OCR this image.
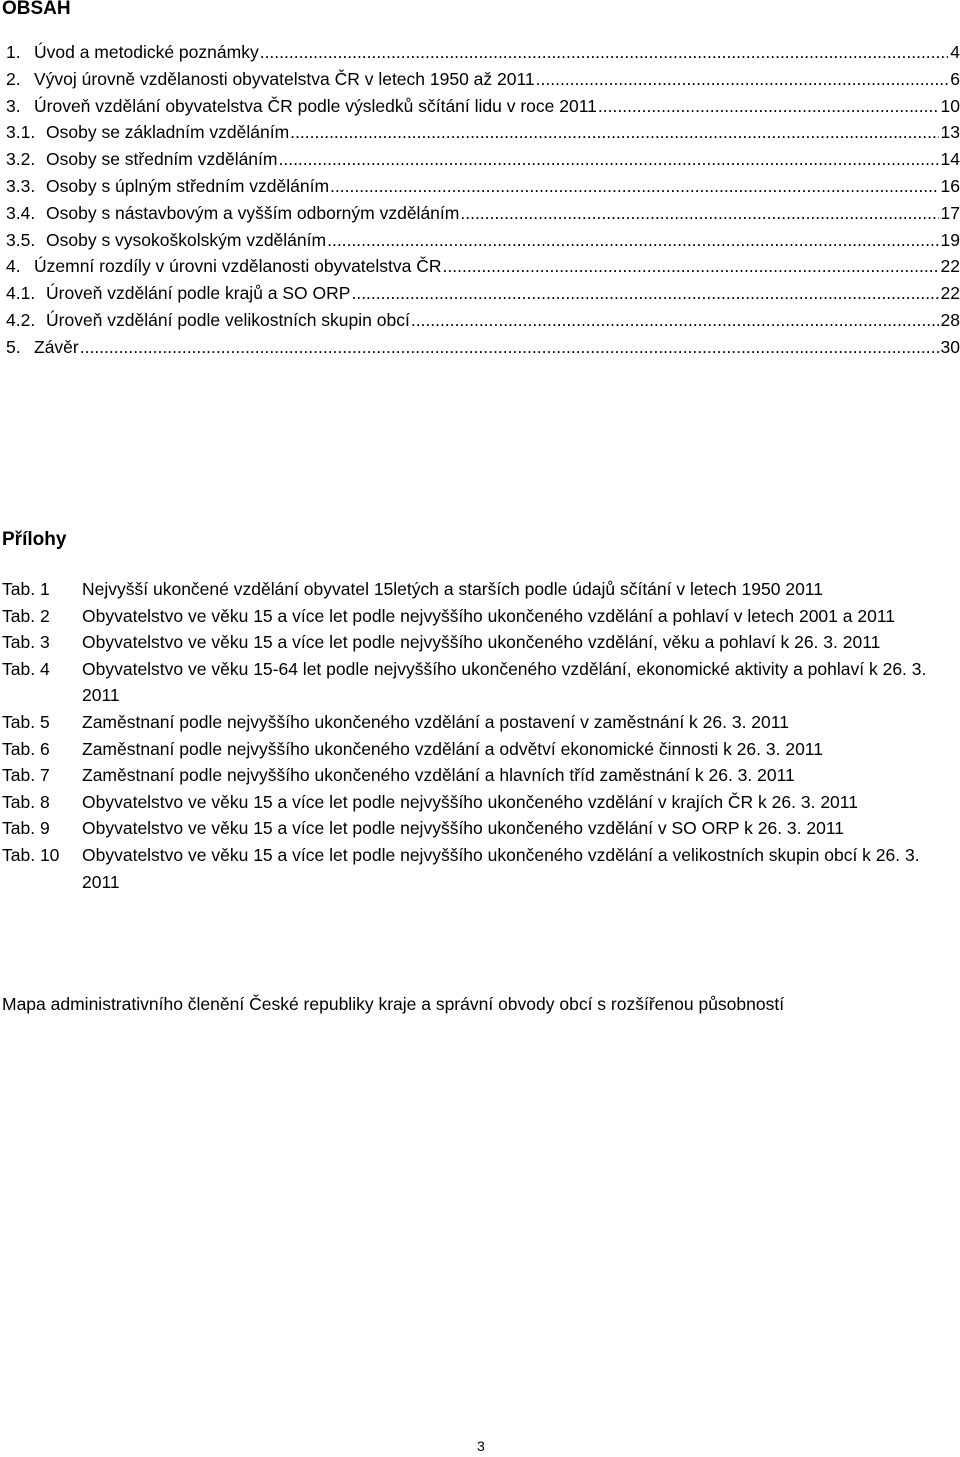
OBSAH
1. Úvod a metodické poznámky .....	4
2. Vývoj úrovně vzdělanosti obyvatelstva ČR v letech 1950 až 2011 .....	6
3. Úroveň vzdělání obyvatelstva ČR podle výsledků sčítání lidu v roce 2011 .....	10
3.1. Osoby se základním vzděláním .....	13
3.2. Osoby se středním vzděláním .....	14
3.3. Osoby s úplným středním vzděláním .....	16
3.4. Osoby s nástavbovým a vyšším odborným vzděláním .....	17
3.5. Osoby s vysokoškolským vzděláním .....	19
4. Územní rozdíly v úrovni vzdělanosti obyvatelstva ČR .....	22
4.1. Úroveň vzdělání podle krajů a SO ORP .....	22
4.2. Úroveň vzdělání podle velikostních skupin obcí .....	28
5. Závěr .....	30
Přílohy
Tab. 1	Nejvyšší ukončené vzdělání obyvatel 15letých a starších podle údajů sčítání v letech 1950 2011
Tab. 2	Obyvatelstvo ve věku 15 a více let podle nejvyššího ukončeného vzdělání a pohlaví v letech 2001 a 2011
Tab. 3	Obyvatelstvo ve věku 15 a více let podle nejvyššího ukončeného vzdělání, věku a pohlaví k 26. 3. 2011
Tab. 4	Obyvatelstvo ve věku 15-64 let podle nejvyššího ukončeného vzdělání, ekonomické aktivity a pohlaví k 26. 3. 2011
Tab. 5	Zaměstnaní podle nejvyššího ukončeného vzdělání a postavení v zaměstnání k 26. 3. 2011
Tab. 6	Zaměstnaní podle nejvyššího ukončeného vzdělání a odvětví ekonomické činnosti k 26. 3. 2011
Tab. 7	Zaměstnaní podle nejvyššího ukončeného vzdělání a hlavních tříd zaměstnání k 26. 3. 2011
Tab. 8	Obyvatelstvo ve věku 15 a více let podle nejvyššího ukončeného vzdělání v krajích ČR k 26. 3. 2011
Tab. 9	Obyvatelstvo ve věku 15 a více let podle nejvyššího ukončeného vzdělání v SO ORP k 26. 3. 2011
Tab. 10	Obyvatelstvo ve věku 15 a více let podle nejvyššího ukončeného vzdělání a velikostních skupin obcí k 26. 3. 2011
Mapa administrativního členění České republiky kraje a správní obvody obcí s rozšířenou působností
3
